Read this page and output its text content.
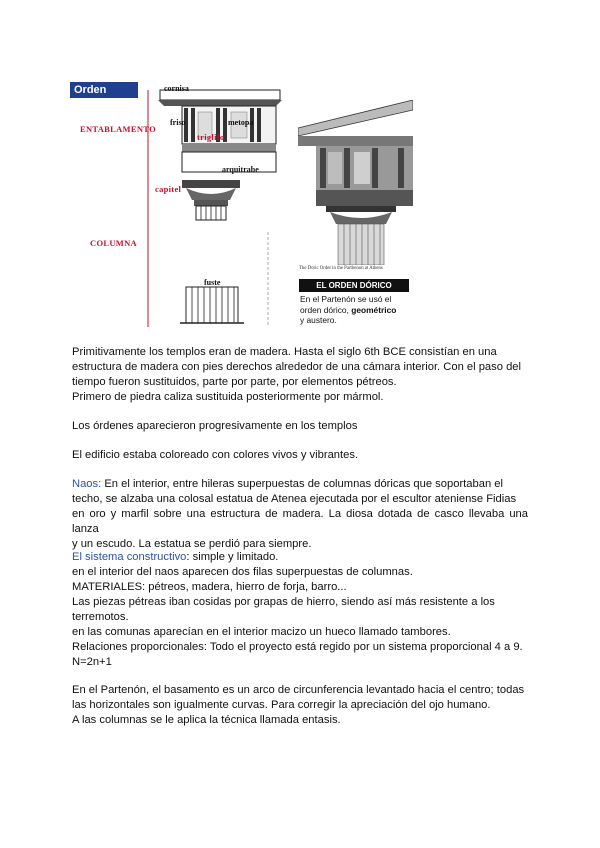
Orden
ENTABLAMENTO
cornisa
friso	metopa
triglifo
arquitrabe
capitel
COLUMNA
fuste
The Doric Order in the Parthenon at Athens
EL ORDEN DÓRICO
En el Partenón se usó el
orden dórico, geométrico
y austero.
Primitivamente los templos eran de madera. Hasta el siglo 6th BCE consistían en una
estructura de madera con pies derechos alrededor de una cámara interior. Con el paso del
tiempo fueron sustituidos, parte por parte, por elementos pétreos.
Primero de piedra caliza sustituida posteriormente por mármol.
Los órdenes aparecieron progresivamente en los templos
El edificio estaba coloreado con colores vivos y vibrantes.
Naos: En el interior, entre hileras superpuestas de columnas dóricas que soportaban el
techo, se alzaba una colosal estatua de Atenea ejecutada por el escultor ateniense Fidias
en oro y marfil sobre una estructura de madera. La diosa dotada de casco llevaba una lanza
y un escudo. La estatua se perdió para siempre.
El sistema constructivo: simple y limitado.
en el interior del naos aparecen dos filas superpuestas de columnas.
MATERIALES: pétreos, madera, hierro de forja, barro...
Las piezas pétreas iban cosidas por grapas de hierro, siendo así más resistente a los
terremotos.
en las comunas aparecían en el interior macizo un hueco llamado tambores.
Relaciones proporcionales: Todo el proyecto está regido por un sistema proporcional 4 a 9.
N=2n+1
En el Partenón, el basamento es un arco de circunferencia levantado hacia el centro; todas
las horizontales son igualmente curvas. Para corregir la apreciación del ojo humano.
A las columnas se le aplica la técnica llamada entasis.
